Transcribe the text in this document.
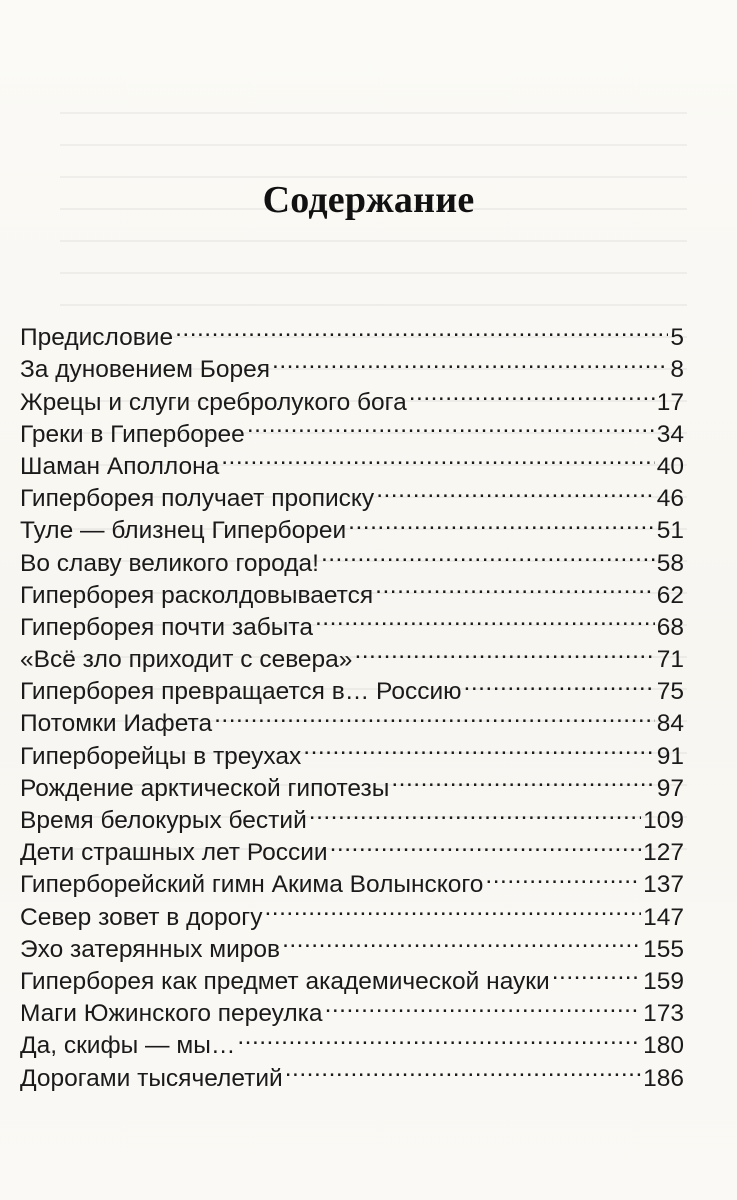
Содержание
Предисловие .....	5
За дуновением Борея .....	8
Жрецы и слуги сребролукого бога .....	17
Греки в Гиперборее .....	34
Шаман Аполлона .....	40
Гиперборея получает прописку .....	46
Туле — близнец Гипербореи .....	51
Во славу великого города! .....	58
Гиперборея расколдовывается .....	62
Гиперборея почти забыта .....	68
«Всё зло приходит с севера» .....	71
Гиперборея превращается в… Россию .....	75
Потомки Иафета .....	84
Гиперборейцы в треухах .....	91
Рождение арктической гипотезы .....	97
Время белокурых бестий .....	109
Дети страшных лет России .....	127
Гиперборейский гимн Акима Волынского .....	137
Север зовет в дорогу .....	147
Эхо затерянных миров .....	155
Гиперборея как предмет академической науки .....	159
Маги Южинского переулка .....	173
Да, скифы — мы… .....	180
Дорогами тысячелетий .....	186
